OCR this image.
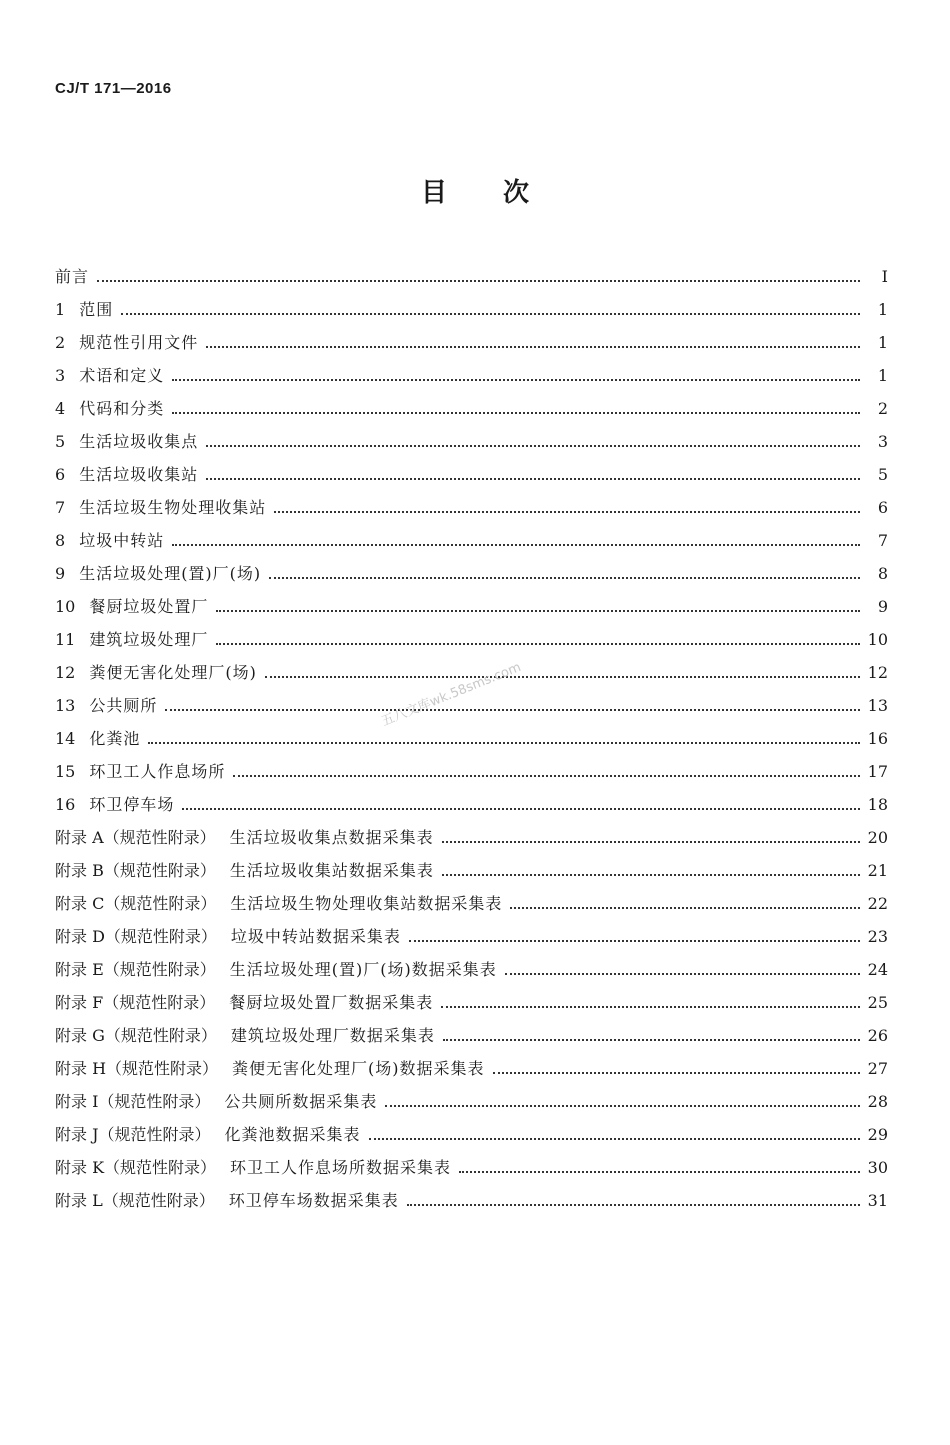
CJ/T 171—2016
目次
前言	Ⅰ
1 范围	1
2 规范性引用文件	1
3 术语和定义	1
4 代码和分类	2
5 生活垃圾收集点	3
6 生活垃圾收集站	5
7 生活垃圾生物处理收集站	6
8 垃圾中转站	7
9 生活垃圾处理(置)厂(场)	8
10 餐厨垃圾处置厂	9
11 建筑垃圾处理厂	10
12 粪便无害化处理厂(场)	12
13 公共厕所	13
14 化粪池	16
15 环卫工人作息场所	17
16 环卫停车场	18
附录 A（规范性附录） 生活垃圾收集点数据采集表	20
附录 B（规范性附录） 生活垃圾收集站数据采集表	21
附录 C（规范性附录） 生活垃圾生物处理收集站数据采集表	22
附录 D（规范性附录） 垃圾中转站数据采集表	23
附录 E（规范性附录） 生活垃圾处理(置)厂(场)数据采集表	24
附录 F（规范性附录） 餐厨垃圾处置厂数据采集表	25
附录 G（规范性附录） 建筑垃圾处理厂数据采集表	26
附录 H（规范性附录） 粪便无害化处理厂(场)数据采集表	27
附录 I（规范性附录） 公共厕所数据采集表	28
附录 J（规范性附录） 化粪池数据采集表	29
附录 K（规范性附录） 环卫工人作息场所数据采集表	30
附录 L（规范性附录） 环卫停车场数据采集表	31
五八文库wk.58sms.com
